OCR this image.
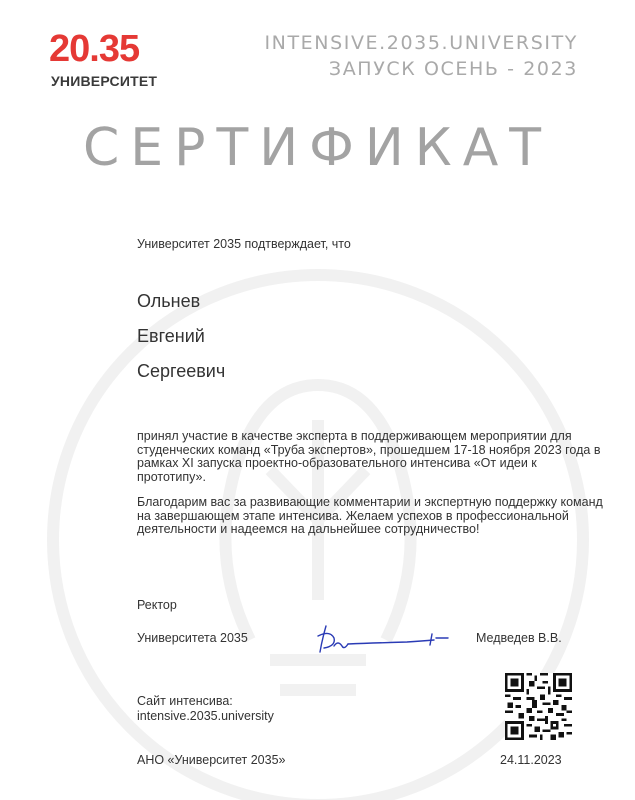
20.35
УНИВЕРСИТЕТ
INTENSIVE.2035.UNIVERSITY
ЗАПУСК ОСЕНЬ - 2023
СЕРТИФИКАТ
Университет 2035 подтверждает, что
Ольнев
Евгений
Сергеевич

принял участие в качестве эксперта в поддерживающем мероприятии для студенческих команд «Труба экспертов», прошедшем 17-18 ноября 2023 года в рамках XI запуска проектно-образовательного интенсива «От идеи к прототипу».

Благодарим вас за развивающие комментарии и экспертную поддержку команд на завершающем этапе интенсива. Желаем успехов в профессиональной деятельности и надеемся на дальнейшее сотрудничество!

Ректор
Университета 2035	Медведев В.В.
Сайт интенсива:
intensive.2035.university
АНО «Университет 2035»	24.11.2023
